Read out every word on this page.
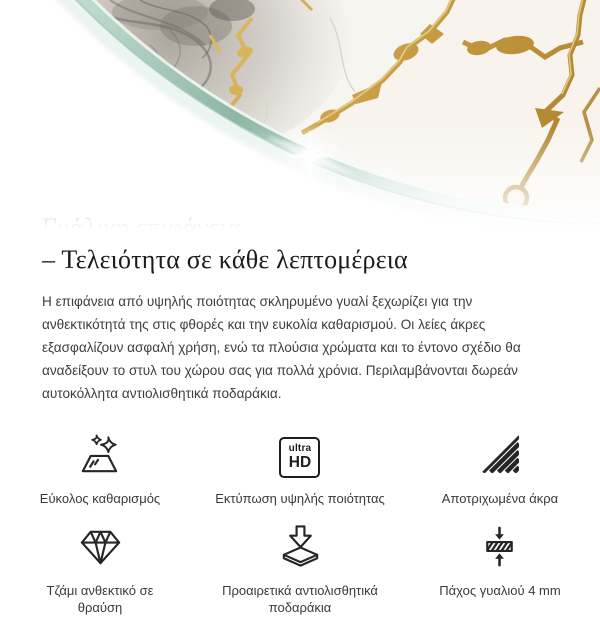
– Τελειότητα σε κάθε λεπτομέρεια

Η επιφάνεια από υψηλής ποιότητας σκληρυμένο γυαλί ξεχωρίζει για την ανθεκτικότητά της στις φθορές και την ευκολία καθαρισμού. Οι λείες άκρες εξασφαλίζουν ασφαλή χρήση, ενώ τα πλούσια χρώματα και το έντονο σχέδιο θα αναδείξουν το στυλ του χώρου σας για πολλά χρόνια. Περιλαμβάνονται δωρεάν αυτοκόλλητα αντιολισθητικά ποδαράκια.

Εύκολος καθαρισμός
ultra
HD
Εκτύπωση υψηλής ποιότητας	Αποτριχωμένα άκρα
Τζάμι ανθεκτικό σε θραύση
Προαιρετικά αντιολισθητικά ποδαράκια
Πάχος γυαλιού 4 mm
